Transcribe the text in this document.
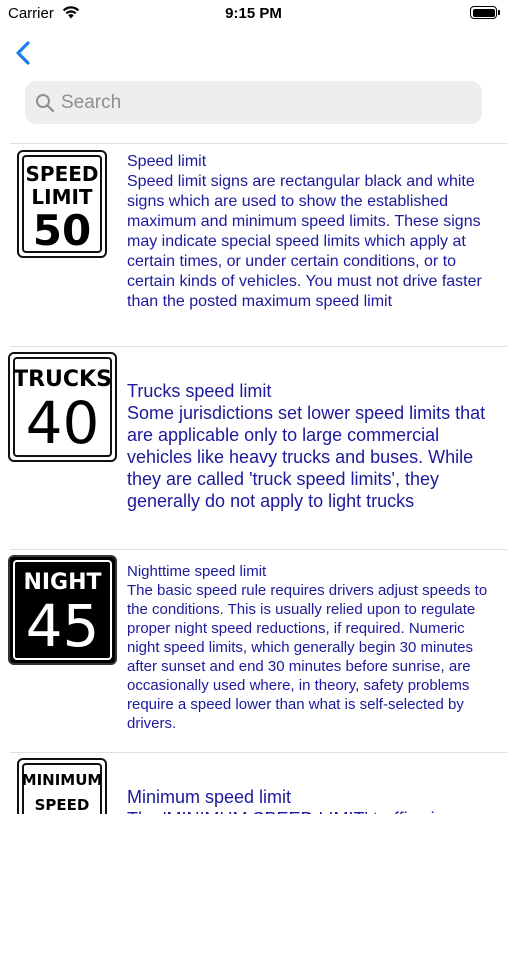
Carrier	9:15 PM
Search
SPEED
LIMIT
50
Speed limit
Speed limit signs are rectangular black and white signs which are used to show the established maximum and minimum speed limits. These signs may indicate special speed limits which apply at certain times, or under certain conditions, or to certain kinds of vehicles. You must not drive faster than the posted maximum speed limit
TRUCKS
40	Trucks speed limit
Some jurisdictions set lower speed limits that are applicable only to large commercial vehicles like heavy trucks and buses. While they are called 'truck speed limits', they generally do not apply to light trucks
NIGHT
45
Nighttime speed limit
The basic speed rule requires drivers adjust speeds to the conditions. This is usually relied upon to regulate proper night speed reductions, if required. Numeric night speed limits, which generally begin 30 minutes after sunset and end 30 minutes before sunrise, are occasionally used where, in theory, safety problems require a speed lower than what is self-selected by drivers.
MINIMUM
SPEED	Minimum speed limit
